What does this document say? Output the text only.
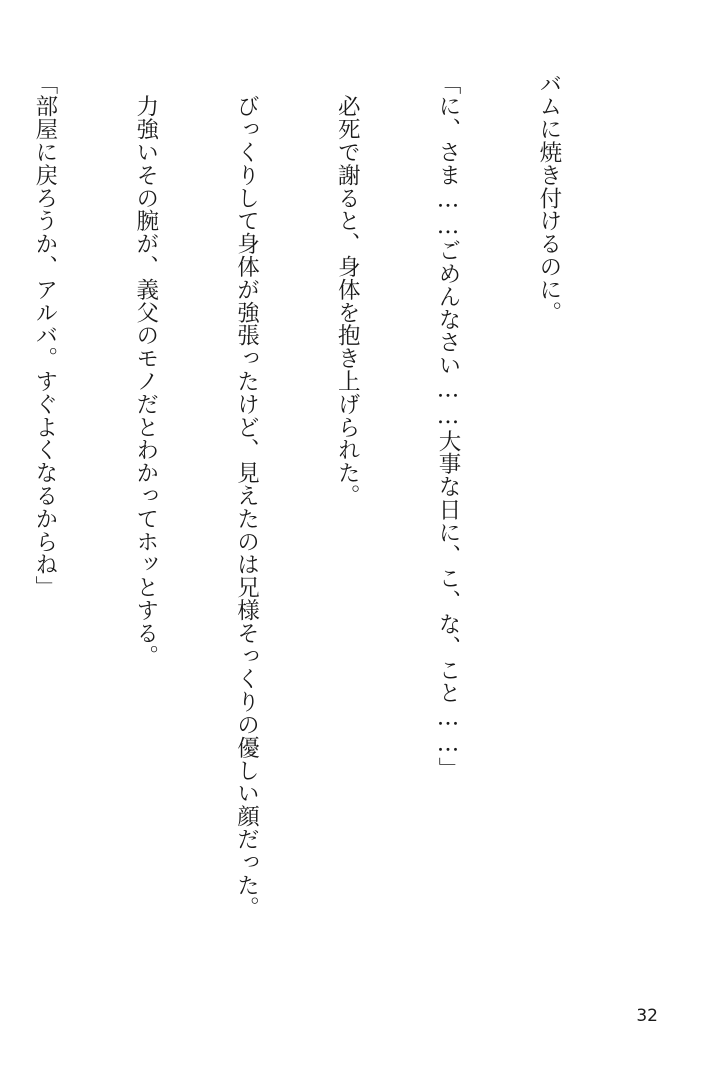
バムに焼き付けるのに。

「に、さま……ごめんなさい……大事な日に、こ、な、こと……」

　必死で謝ると、身体を抱き上げられた。

　びっくりして身体が強張ったけど、見えたのは兄様そっくりの優しい顔だった。

　力強いその腕が、義父のモノだとわかってホッとする。

「部屋に戻ろうか、アルバ。すぐよくなるからね」

32
